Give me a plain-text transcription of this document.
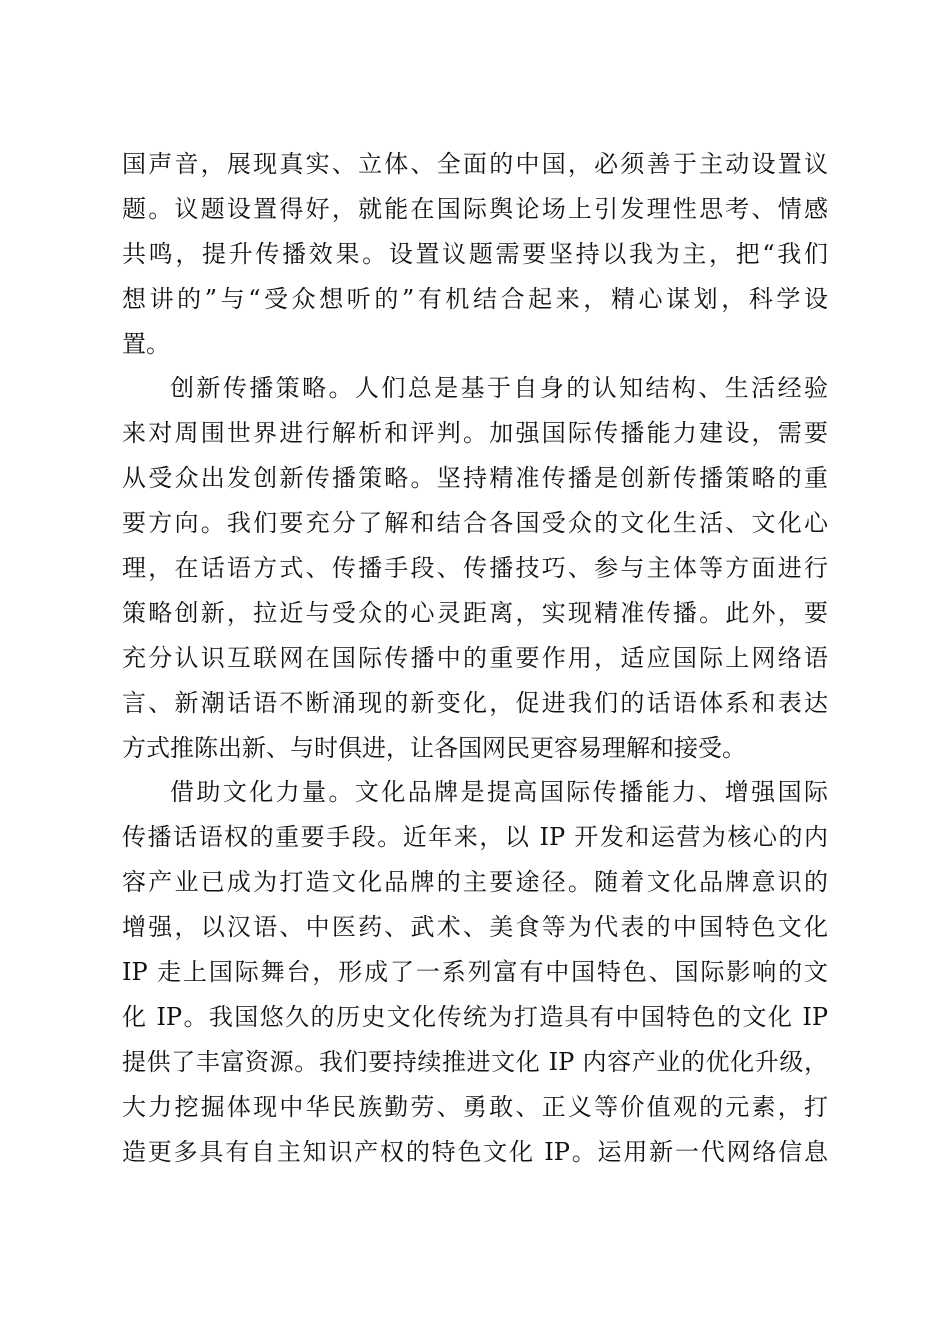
国声音，展现真实、立体、全面的中国，必须善于主动设置议
题。议题设置得好，就能在国际舆论场上引发理性思考、情感
共鸣，提升传播效果。设置议题需要坚持以我为主，把“我们
想讲的”与“受众想听的”有机结合起来，精心谋划，科学设
置。
创新传播策略。人们总是基于自身的认知结构、生活经验
来对周围世界进行解析和评判。加强国际传播能力建设，需要
从受众出发创新传播策略。坚持精准传播是创新传播策略的重
要方向。我们要充分了解和结合各国受众的文化生活、文化心
理，在话语方式、传播手段、传播技巧、参与主体等方面进行
策略创新，拉近与受众的心灵距离，实现精准传播。此外，要
充分认识互联网在国际传播中的重要作用，适应国际上网络语
言、新潮话语不断涌现的新变化，促进我们的话语体系和表达
方式推陈出新、与时俱进，让各国网民更容易理解和接受。
借助文化力量。文化品牌是提高国际传播能力、增强国际
传播话语权的重要手段。近年来，以 IP 开发和运营为核心的内
容产业已成为打造文化品牌的主要途径。随着文化品牌意识的
增强，以汉语、中医药、武术、美食等为代表的中国特色文化
IP 走上国际舞台，形成了一系列富有中国特色、国际影响的文
化 IP。我国悠久的历史文化传统为打造具有中国特色的文化 IP
提供了丰富资源。我们要持续推进文化 IP 内容产业的优化升级，
大力挖掘体现中华民族勤劳、勇敢、正义等价值观的元素，打
造更多具有自主知识产权的特色文化 IP。运用新一代网络信息
